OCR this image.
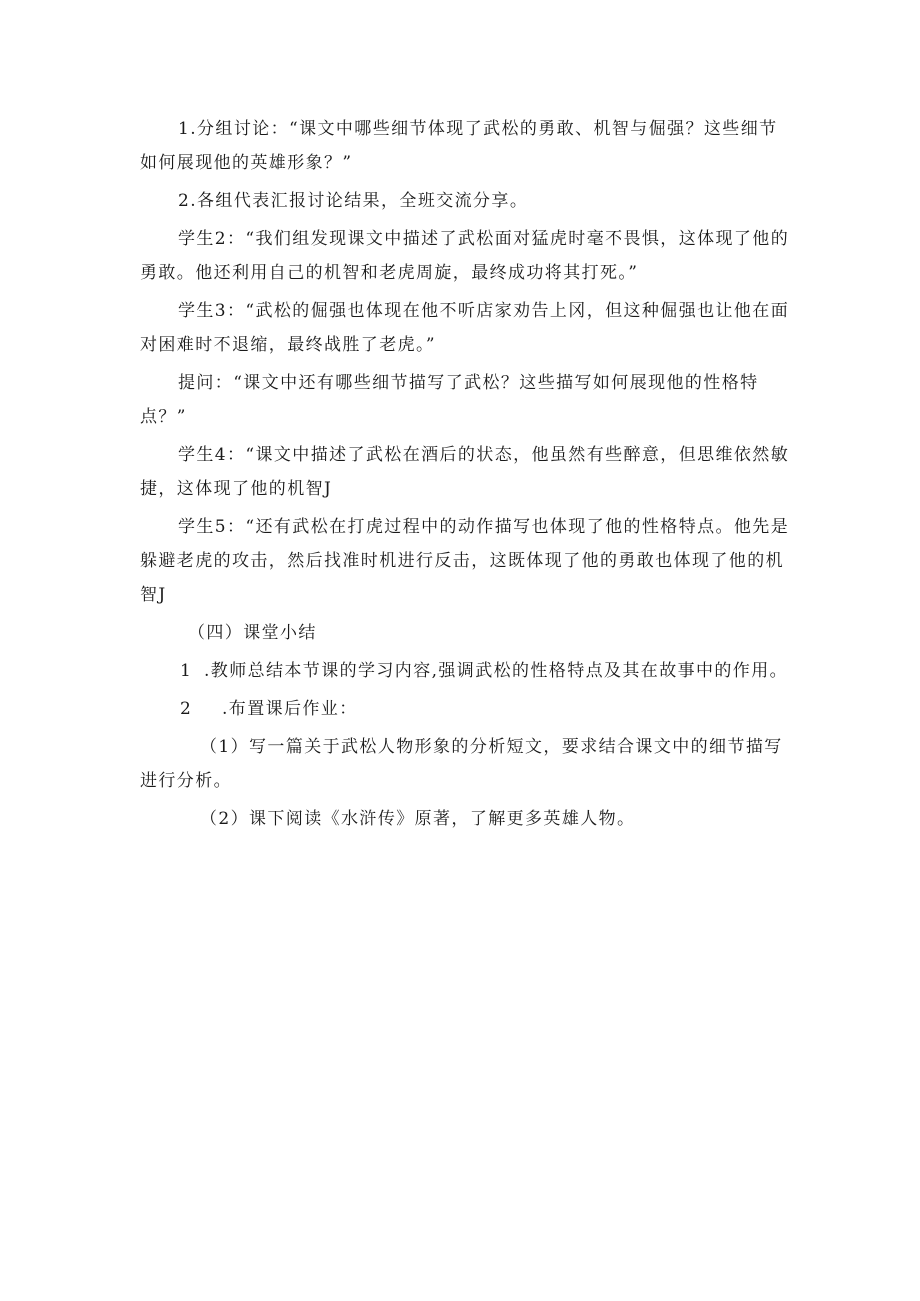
1.分组讨论：“课文中哪些细节体现了武松的勇敢、机智与倔强？这些细节如何展现他的英雄形象？”

2.各组代表汇报讨论结果，全班交流分享。

学生2：“我们组发现课文中描述了武松面对猛虎时毫不畏惧，这体现了他的勇敢。他还利用自己的机智和老虎周旋，最终成功将其打死。”

学生3：“武松的倔强也体现在他不听店家劝告上冈，但这种倔强也让他在面对困难时不退缩，最终战胜了老虎。”

提问：“课文中还有哪些细节描写了武松？这些描写如何展现他的性格特点？”

学生4：“课文中描述了武松在酒后的状态，他虽然有些醉意，但思维依然敏捷，这体现了他的机智J

学生5：“还有武松在打虎过程中的动作描写也体现了他的性格特点。他先是躲避老虎的攻击，然后找准时机进行反击，这既体现了他的勇敢也体现了他的机智J

（四）课堂小结

1 .教师总结本节课的学习内容,强调武松的性格特点及其在故事中的作用。

2 .布置课后作业：

（1）写一篇关于武松人物形象的分析短文，要求结合课文中的细节描写进行分析。

（2）课下阅读《水浒传》原著，了解更多英雄人物。
